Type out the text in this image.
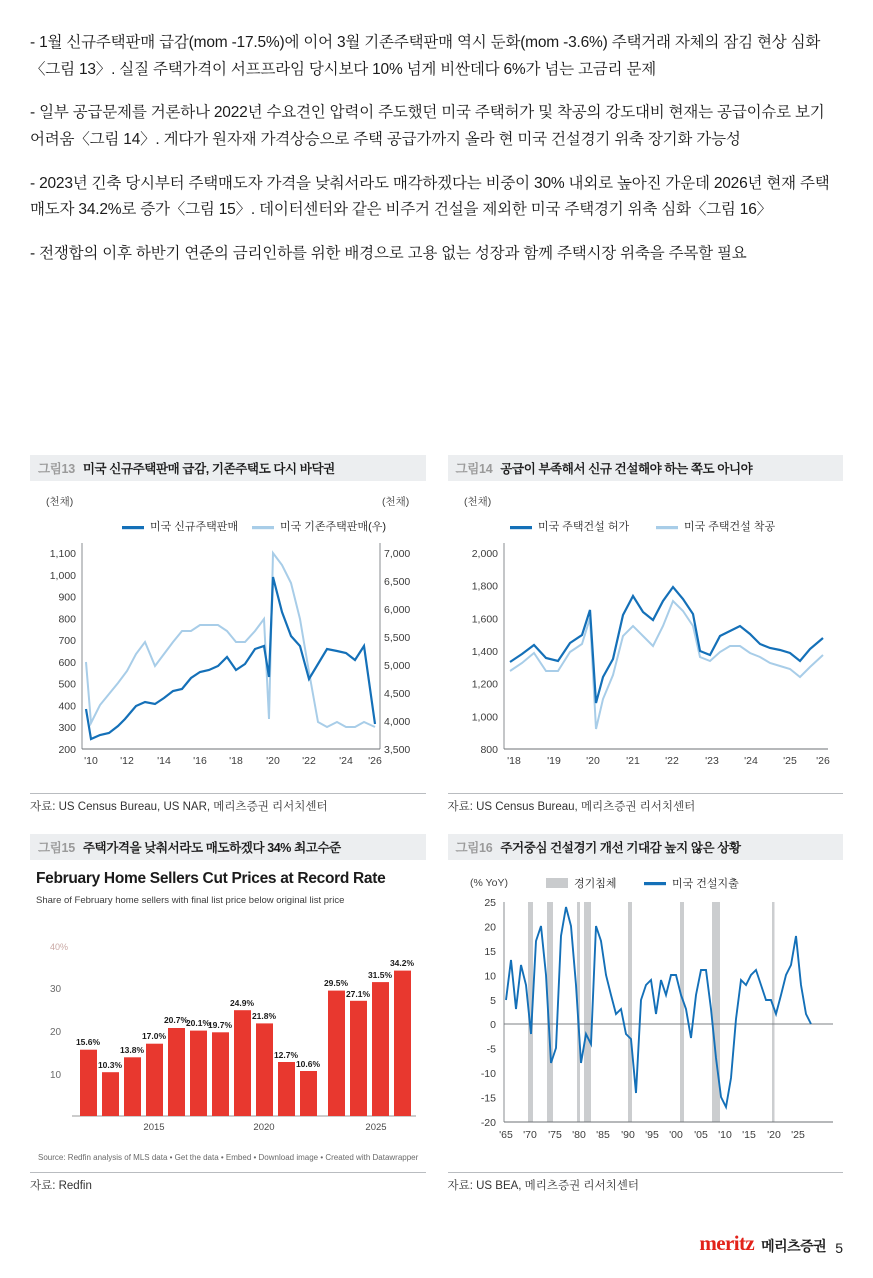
- 1월 신규주택판매 급감(mom -17.5%)에 이어 3월 기존주택판매 역시 둔화(mom -3.6%) 주택거래 자체의 잠김 현상 심화〈그림 13〉. 실질 주택가격이 서프프라임 당시보다 10% 넘게 비싼데다 6%가 넘는 고금리 문제
- 일부 공급문제를 거론하나 2022년 수요견인 압력이 주도했던 미국 주택허가 및 착공의 강도대비 현재는 공급이슈로 보기 어려움〈그림 14〉. 게다가 원자재 가격상승으로 주택 공급가까지 올라 현 미국 건설경기 위축 장기화 가능성
- 2023년 긴축 당시부터 주택매도자 가격을 낮춰서라도 매각하겠다는 비중이 30% 내외로 높아진 가운데 2026년 현재 주택매도자 34.2%로 증가〈그림 15〉. 데이터센터와 같은 비주거 건설을 제외한 미국 주택경기 위축 심화〈그림 16〉
- 전쟁합의 이후 하반기 연준의 금리인하를 위한 배경으로 고용 없는 성장과 함께 주택시장 위축을 주목할 필요
그림13 미국 신규주택판매 급감, 기존주택도 다시 바닥권
(천채)	(천채)
미국 신규주택판매	미국 기존주택판매(우)
1,100
1,000
900
800
700
600
500
400
300
200
7,000
6,500
6,000
5,500
5,000
4,500
4,000
3,500
'10 '12 '14 '16 '18 '20 '22 '24 '26
자료: US Census Bureau, US NAR, 메리츠증권 리서치센터
그림14 공급이 부족해서 신규 건설해야 하는 쪽도 아니야
(천채)
미국 주택건설 허가	미국 주택건설 착공
2,000
1,800
1,600
1,400
1,200
1,000
800
'18	'19 '20	'21 '22	'23 '24 '25 '26
자료: US Census Bureau, 메리츠증권 리서치센터
그림15 주택가격을 낮춰서라도 매도하겠다 34% 최고수준
February Home Sellers Cut Prices at Record Rate
Share of February home sellers with final list price below original list price
40%
30
20
10
15.6%
10.3%
13.8%
17.0%
20.7%
20.1%
19.7%
24.9%
21.8%
12.7%
10.6%
29.5%
27.1%
31.5%
34.2%
2015	2020	2025
Source: Redfin analysis of MLS data • Get the data • Embed • Download image • Created with Datawrapper
자료: Redfin
그림16 주거중심 건설경기 개선 기대감 높지 않은 상황
(% YoY)	경기침체	미국 건설지출
25
20
15
10
5
0
-5
-10
-15
-20
'65 '70 '75 '80 '85 '90 '95 '00 '05 '10 '15 '20 '25
자료: US BEA, 메리츠증권 리서치센터
meritz 메리츠증권 5
